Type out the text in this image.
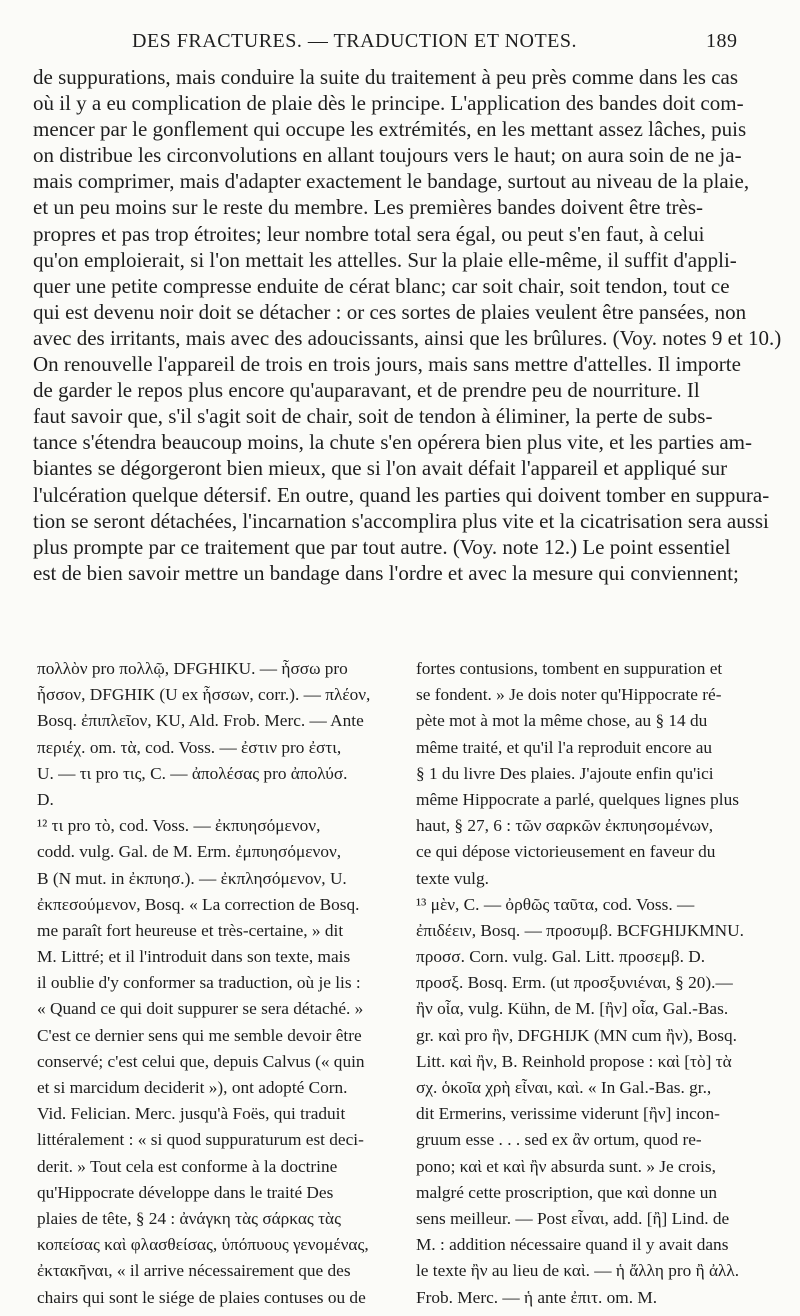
DES FRACTURES. — TRADUCTION ET NOTES.	189
de suppurations, mais conduire la suite du traitement à peu près comme dans les cas
où il y a eu complication de plaie dès le principe. L'application des bandes doit com-
mencer par le gonflement qui occupe les extrémités, en les mettant assez lâches, puis
on distribue les circonvolutions en allant toujours vers le haut; on aura soin de ne ja-
mais comprimer, mais d'adapter exactement le bandage, surtout au niveau de la plaie,
et un peu moins sur le reste du membre. Les premières bandes doivent être très-
propres et pas trop étroites; leur nombre total sera égal, ou peut s'en faut, à celui
qu'on emploierait, si l'on mettait les attelles. Sur la plaie elle-même, il suffit d'appli-
quer une petite compresse enduite de cérat blanc; car soit chair, soit tendon, tout ce
qui est devenu noir doit se détacher : or ces sortes de plaies veulent être pansées, non
avec des irritants, mais avec des adoucissants, ainsi que les brûlures. (Voy. notes 9 et 10.)
On renouvelle l'appareil de trois en trois jours, mais sans mettre d'attelles. Il importe
de garder le repos plus encore qu'auparavant, et de prendre peu de nourriture. Il
faut savoir que, s'il s'agit soit de chair, soit de tendon à éliminer, la perte de subs-
tance s'étendra beaucoup moins, la chute s'en opérera bien plus vite, et les parties am-
biantes se dégorgeront bien mieux, que si l'on avait défait l'appareil et appliqué sur
l'ulcération quelque détersif. En outre, quand les parties qui doivent tomber en suppura-
tion se seront détachées, l'incarnation s'accomplira plus vite et la cicatrisation sera aussi
plus prompte par ce traitement que par tout autre. (Voy. note 12.) Le point essentiel
est de bien savoir mettre un bandage dans l'ordre et avec la mesure qui conviennent;
πολλὸν pro πολλῷ, DFGHIKU. — ἧσσω pro
ἧσσον, DFGHIK (U ex ἧσσων, corr.). — πλέον,
Bosq. ἐπιπλεῖον, KU, Ald. Frob. Merc. — Ante
περιέχ. om. τὰ, cod. Voss. — ἐστιν pro ἐστι,
U. — τι pro τις, C. — ἀπολέσας pro ἀπολύσ.
D.
¹² τι pro τὸ, cod. Voss. — ἐκπυησόμενον,
codd. vulg. Gal. de M. Erm. ἐμπυησόμενον,
B (N mut. in ἐκπυησ.). — ἐκπλησόμενον, U.
ἐκπεσούμενον, Bosq. « La correction de Bosq.
me paraît fort heureuse et très-certaine, » dit
M. Littré; et il l'introduit dans son texte, mais
il oublie d'y conformer sa traduction, où je lis :
« Quand ce qui doit suppurer se sera détaché. »
C'est ce dernier sens qui me semble devoir être
conservé; c'est celui que, depuis Calvus (« quin
et si marcidum deciderit »), ont adopté Corn.
Vid. Felician. Merc. jusqu'à Foës, qui traduit
littéralement : « si quod suppuraturum est deci-
derit. » Tout cela est conforme à la doctrine
qu'Hippocrate développe dans le traité Des
plaies de tête, § 24 : ἀνάγκη τὰς σάρκας τὰς
κοπείσας καὶ φλασθείσας, ὑπόπυους γενομένας,
ἐκτακῆναι, « il arrive nécessairement que des
chairs qui sont le siége de plaies contuses ou de
fortes contusions, tombent en suppuration et
se fondent. » Je dois noter qu'Hippocrate ré-
pète mot à mot la même chose, au § 14 du
même traité, et qu'il l'a reproduit encore au
§ 1 du livre Des plaies. J'ajoute enfin qu'ici
même Hippocrate a parlé, quelques lignes plus
haut, § 27, 6 : τῶν σαρκῶν ἐκπυησομένων,
ce qui dépose victorieusement en faveur du
texte vulg.
¹³ μὲν, C. — ὀρθῶς ταῦτα, cod. Voss. —
ἐπιδέειν, Bosq. — προσυμβ. BCFGHIJKMNU.
προσσ. Corn. vulg. Gal. Litt. προσεμβ. D.
προσξ. Bosq. Erm. (ut προσξυνιέναι, § 20).—
ἢν οἷα, vulg. Kühn, de M. [ἢν] οἷα, Gal.-Bas.
gr. καὶ pro ἢν, DFGHIJK (MN cum ἢν), Bosq.
Litt. καὶ ἢν, B. Reinhold propose : καὶ [τὸ] τὰ
σχ. ὁκοῖα χρὴ εἶναι, καὶ. « In Gal.-Bas. gr.,
dit Ermerins, verissime viderunt [ἢν] incon-
gruum esse . . . sed ex ἂν ortum, quod re-
pono; καὶ et καὶ ἢν absurda sunt. » Je crois,
malgré cette proscription, que καὶ donne un
sens meilleur. — Post εἶναι, add. [ἢ] Lind. de
M. : addition nécessaire quand il y avait dans
le texte ἢν au lieu de καὶ. — ἡ ἄλλη pro ἢ ἀλλ.
Frob. Merc. — ἡ ante ἐπιτ. om. M.
